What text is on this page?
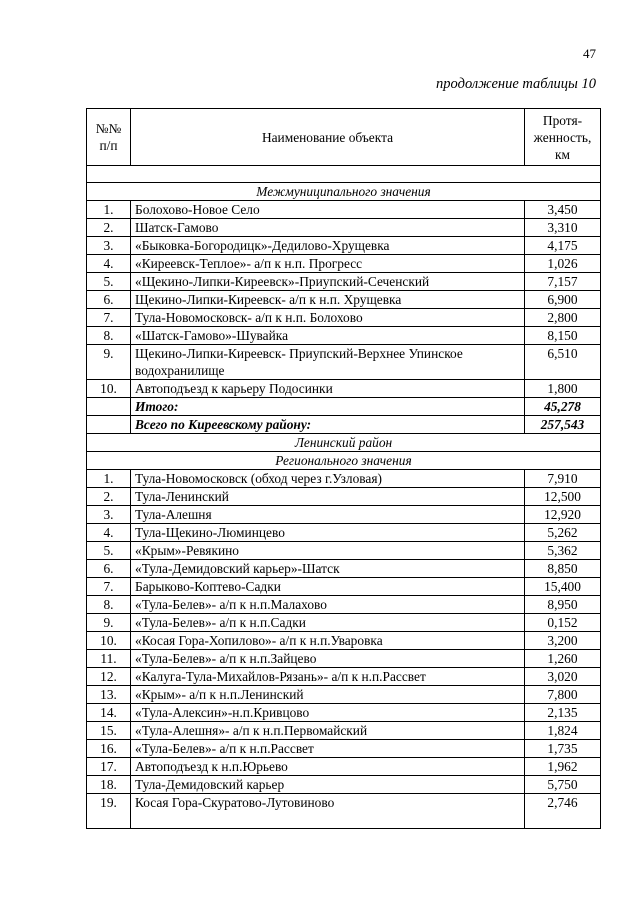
47
продолжение таблицы 10
№№ п/п	Наименование объекта	Протя-женность, км

Межмуниципального значения		
1.	Болохово-Новое Село	3,450
2.	Шатск-Гамово	3,310
3.	«Быковка-Богородицк»-Дедилово-Хрущевка	4,175
4.	«Киреевск-Теплое»- а/п к н.п. Прогресс	1,026
5.	«Щекино-Липки-Киреевск»-Приупский-Сеченский	7,157
6.	Щекино-Липки-Киреевск- а/п к н.п. Хрущевка	6,900
7.	Тула-Новомосковск- а/п к н.п. Болохово	2,800
8.	«Шатск-Гамово»-Шувайка	8,150
9.	Щекино-Липки-Киреевск- Приупский-Верхнее Упинское водохранилище	6,510
10.	Автоподъезд к карьеру Подосинки	1,800
	Итого:	45,278
	Всего по Киреевскому району:	257,543
Ленинский район		
Регионального значения		
1.	Тула-Новомосковск (обход через г.Узловая)	7,910
2.	Тула-Ленинский	12,500
3.	Тула-Алешня	12,920
4.	Тула-Щекино-Люминцево	5,262
5.	«Крым»-Ревякино	5,362
6.	«Тула-Демидовский карьер»-Шатск	8,850
7.	Барыково-Коптево-Садки	15,400
8.	«Тула-Белев»- а/п к н.п.Малахово	8,950
9.	«Тула-Белев»- а/п к н.п.Садки	0,152
10.	«Косая Гора-Хопилово»- а/п к н.п.Уваровка	3,200
11.	«Тула-Белев»- а/п к н.п.Зайцево	1,260
12.	«Калуга-Тула-Михайлов-Рязань»- а/п к н.п.Рассвет	3,020
13.	«Крым»- а/п к н.п.Ленинский	7,800
14.	«Тула-Алексин»-н.п.Кривцово	2,135
15.	«Тула-Алешня»- а/п к н.п.Первомайский	1,824
16.	«Тула-Белев»- а/п к н.п.Рассвет	1,735
17.	Автоподъезд к н.п.Юрьево	1,962
18.	Тула-Демидовский карьер	5,750
19.	Косая Гора-Скуратово-Лутовиново	2,746
